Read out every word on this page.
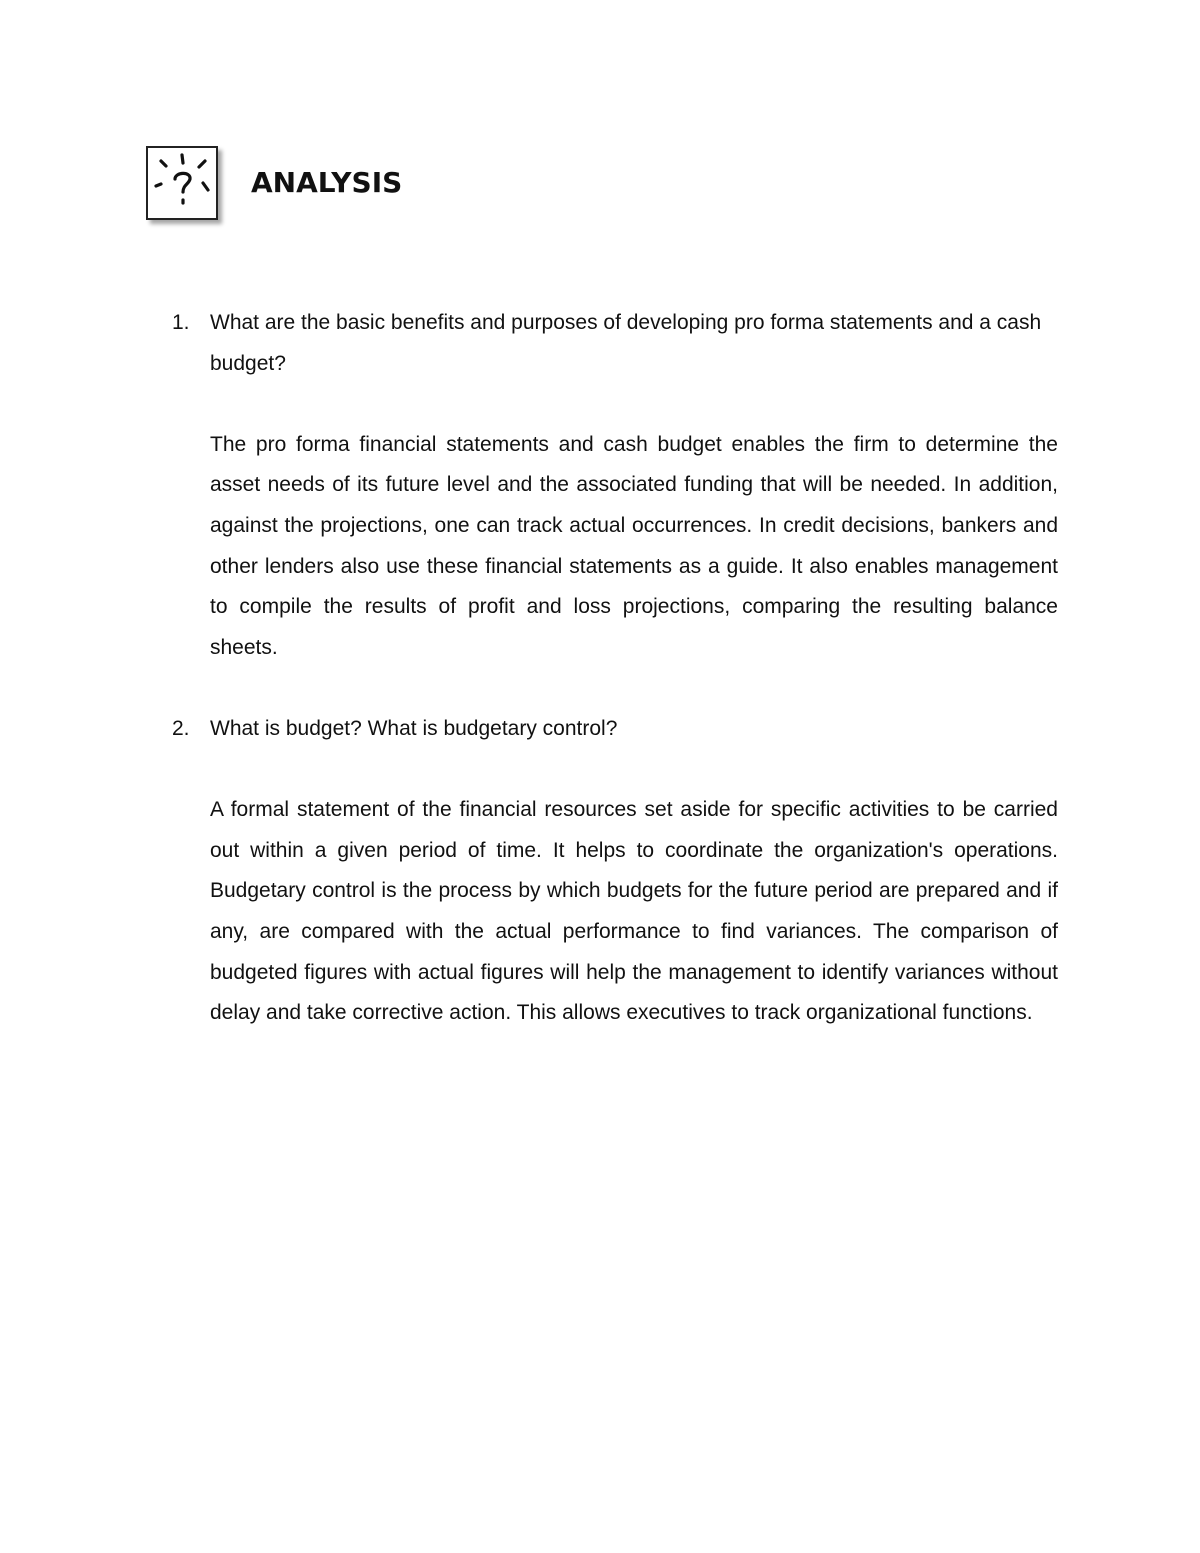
ANALYSIS
1. What are the basic benefits and purposes of developing pro forma statements and a cash budget?

The pro forma financial statements and cash budget enables the firm to determine the asset needs of its future level and the associated funding that will be needed. In addition, against the projections, one can track actual occurrences. In credit decisions, bankers and other lenders also use these financial statements as a guide. It also enables management to compile the results of profit and loss projections, comparing the resulting balance sheets.

2. What is budget? What is budgetary control?

A formal statement of the financial resources set aside for specific activities to be carried out within a given period of time. It helps to coordinate the organization's operations. Budgetary control is the process by which budgets for the future period are prepared and if any, are compared with the actual performance to find variances. The comparison of budgeted figures with actual figures will help the management to identify variances without delay and take corrective action. This allows executives to track organizational functions.
